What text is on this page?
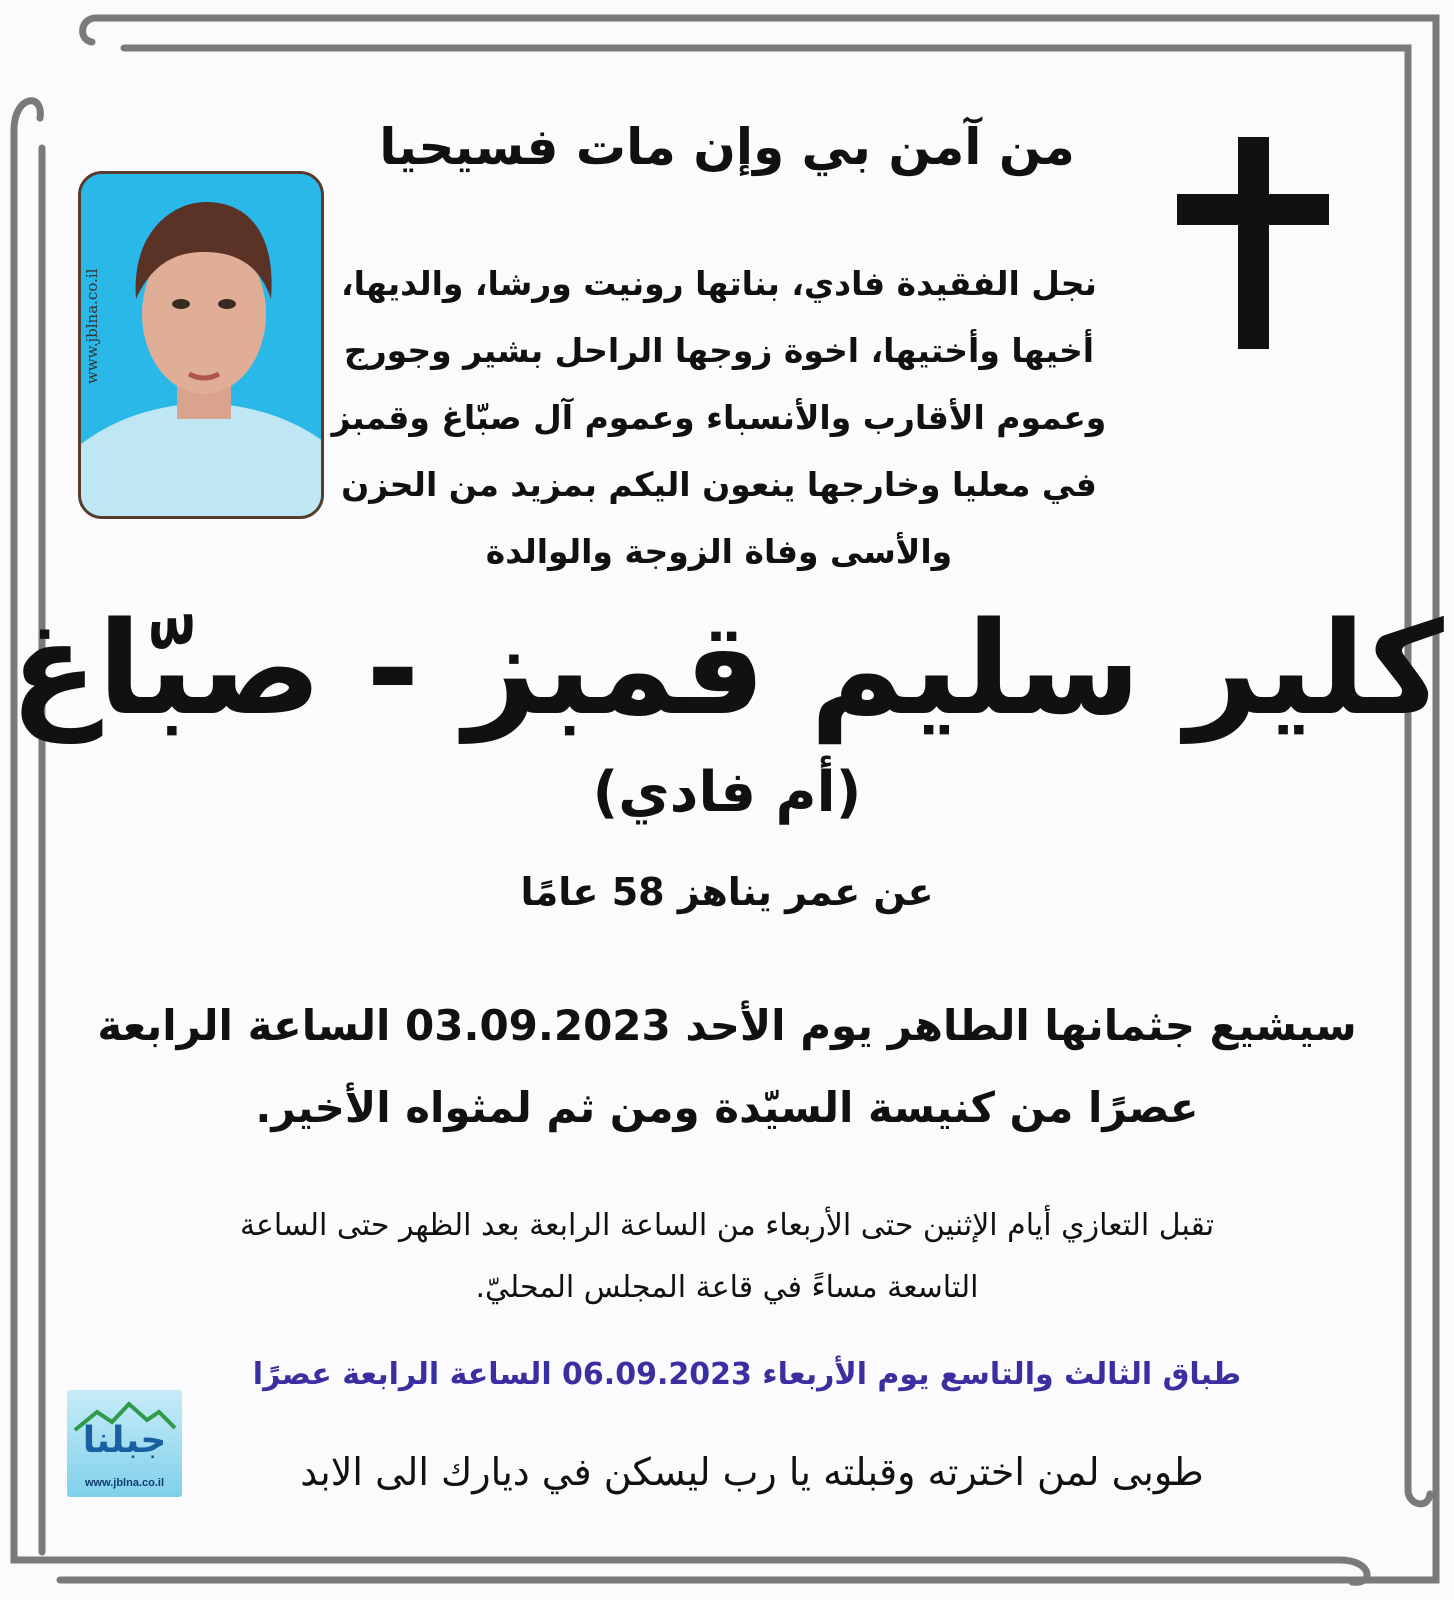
من آمن بي وإن مات فسيحيا
www.jblna.co.il	نجل الفقيدة فادي، بناتها رونيت ورشا، والديها،
أخيها وأختيها، اخوة زوجها الراحل بشير وجورج
وعموم الأقارب والأنسباء وعموم آل صبّاغ وقمبز
في معليا وخارجها ينعون اليكم بمزيد من الحزن
والأسى وفاة الزوجة والوالدة
كلير سليم قمبز - صبّاغ
(أم فادي)
عن عمر يناهز 58 عامًا
سيشيع جثمانها الطاهر يوم الأحد 03.09.2023 الساعة الرابعة
عصرًا من كنيسة السيّدة ومن ثم لمثواه الأخير.
تقبل التعازي أيام الإثنين حتى الأربعاء من الساعة الرابعة بعد الظهر حتى الساعة
التاسعة مساءً في قاعة المجلس المحليّ.
طباق الثالث والتاسع يوم الأربعاء 06.09.2023 الساعة الرابعة عصرًا
طوبى لمن اخترته وقبلته يا رب ليسكن في ديارك الى الابد
جبلنا
www.jblna.co.il
